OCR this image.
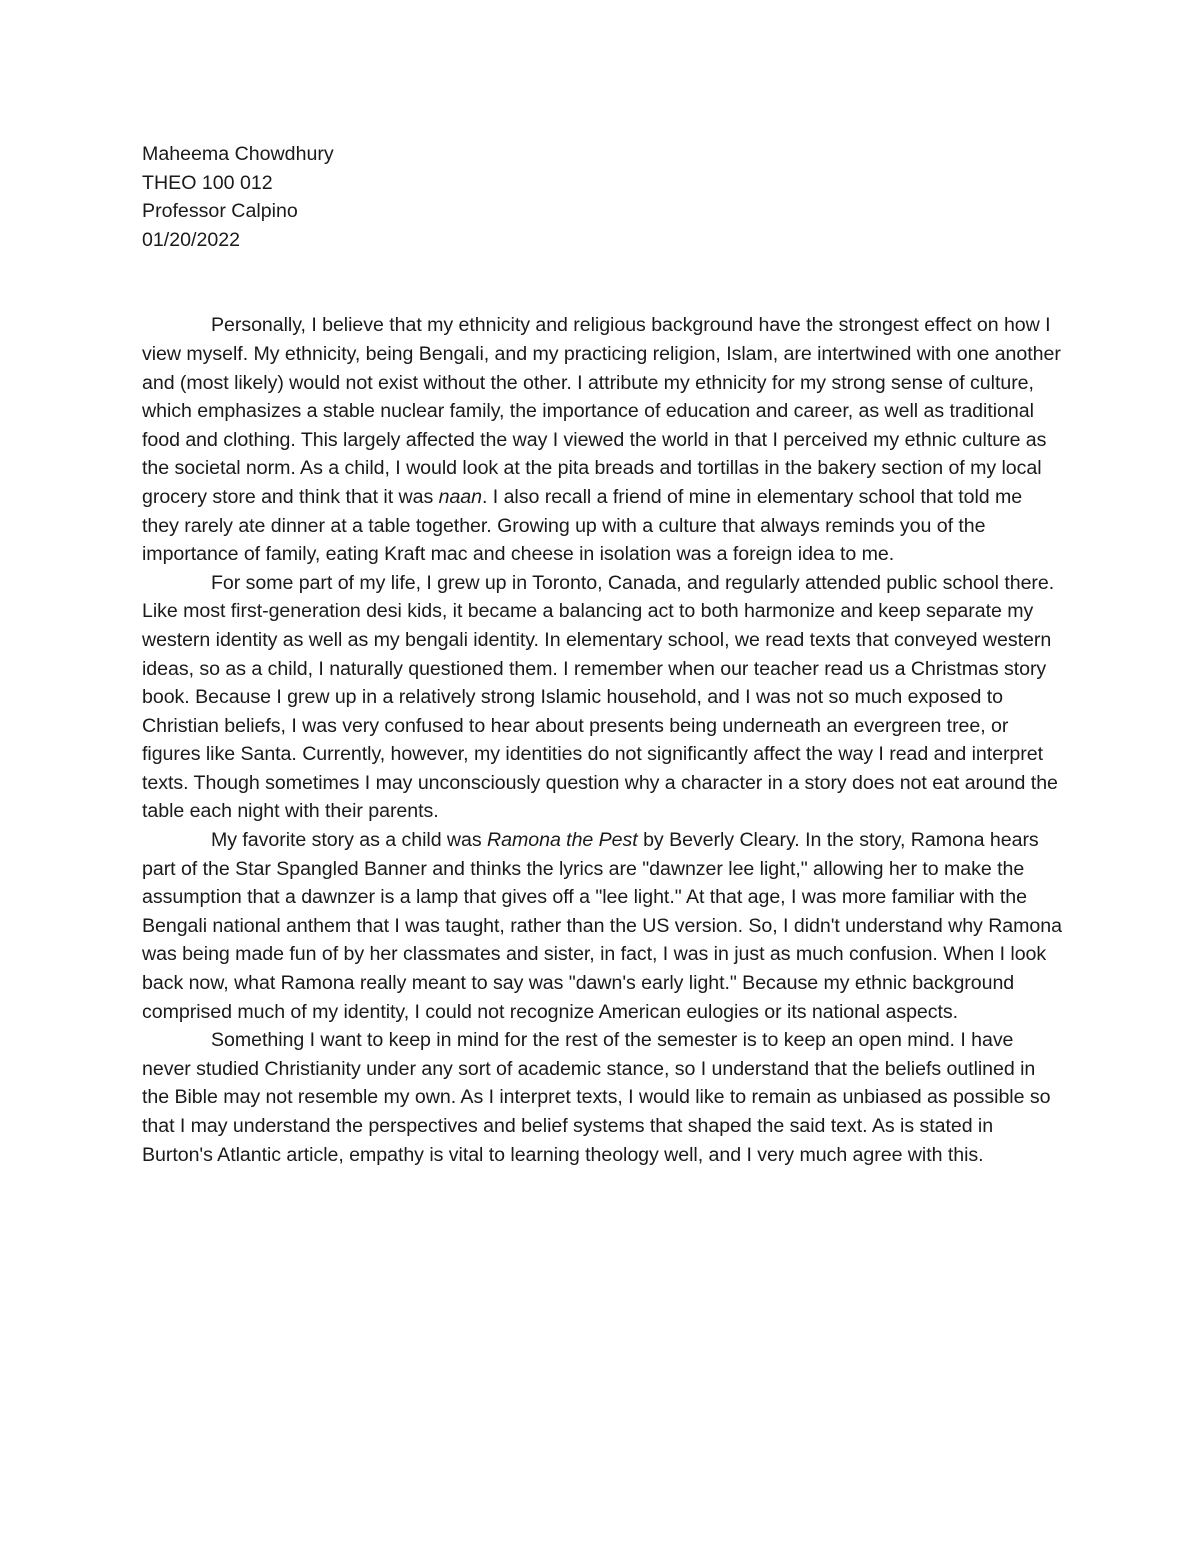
Maheema Chowdhury

THEO 100 012

Professor Calpino

01/20/2022

Personally, I believe that my ethnicity and religious background have the strongest effect on how I view myself. My ethnicity, being Bengali, and my practicing religion, Islam, are intertwined with one another and (most likely) would not exist without the other. I attribute my ethnicity for my strong sense of culture, which emphasizes a stable nuclear family, the importance of education and career, as well as traditional food and clothing. This largely affected the way I viewed the world in that I perceived my ethnic culture as the societal norm. As a child, I would look at the pita breads and tortillas in the bakery section of my local grocery store and think that it was naan. I also recall a friend of mine in elementary school that told me they rarely ate dinner at a table together. Growing up with a culture that always reminds you of the importance of family, eating Kraft mac and cheese in isolation was a foreign idea to me.

For some part of my life, I grew up in Toronto, Canada, and regularly attended public school there. Like most first-generation desi kids, it became a balancing act to both harmonize and keep separate my western identity as well as my bengali identity. In elementary school, we read texts that conveyed western ideas, so as a child, I naturally questioned them. I remember when our teacher read us a Christmas story book. Because I grew up in a relatively strong Islamic household, and I was not so much exposed to Christian beliefs, I was very confused to hear about presents being underneath an evergreen tree, or figures like Santa. Currently, however, my identities do not significantly affect the way I read and interpret texts. Though sometimes I may unconsciously question why a character in a story does not eat around the table each night with their parents.

My favorite story as a child was Ramona the Pest by Beverly Cleary. In the story, Ramona hears part of the Star Spangled Banner and thinks the lyrics are "dawnzer lee light," allowing her to make the assumption that a dawnzer is a lamp that gives off a "lee light." At that age, I was more familiar with the Bengali national anthem that I was taught, rather than the US version. So, I didn't understand why Ramona was being made fun of by her classmates and sister, in fact, I was in just as much confusion. When I look back now, what Ramona really meant to say was "dawn's early light." Because my ethnic background comprised much of my identity, I could not recognize American eulogies or its national aspects.

Something I want to keep in mind for the rest of the semester is to keep an open mind. I have never studied Christianity under any sort of academic stance, so I understand that the beliefs outlined in the Bible may not resemble my own. As I interpret texts, I would like to remain as unbiased as possible so that I may understand the perspectives and belief systems that shaped the said text. As is stated in Burton's Atlantic article, empathy is vital to learning theology well, and I very much agree with this.
